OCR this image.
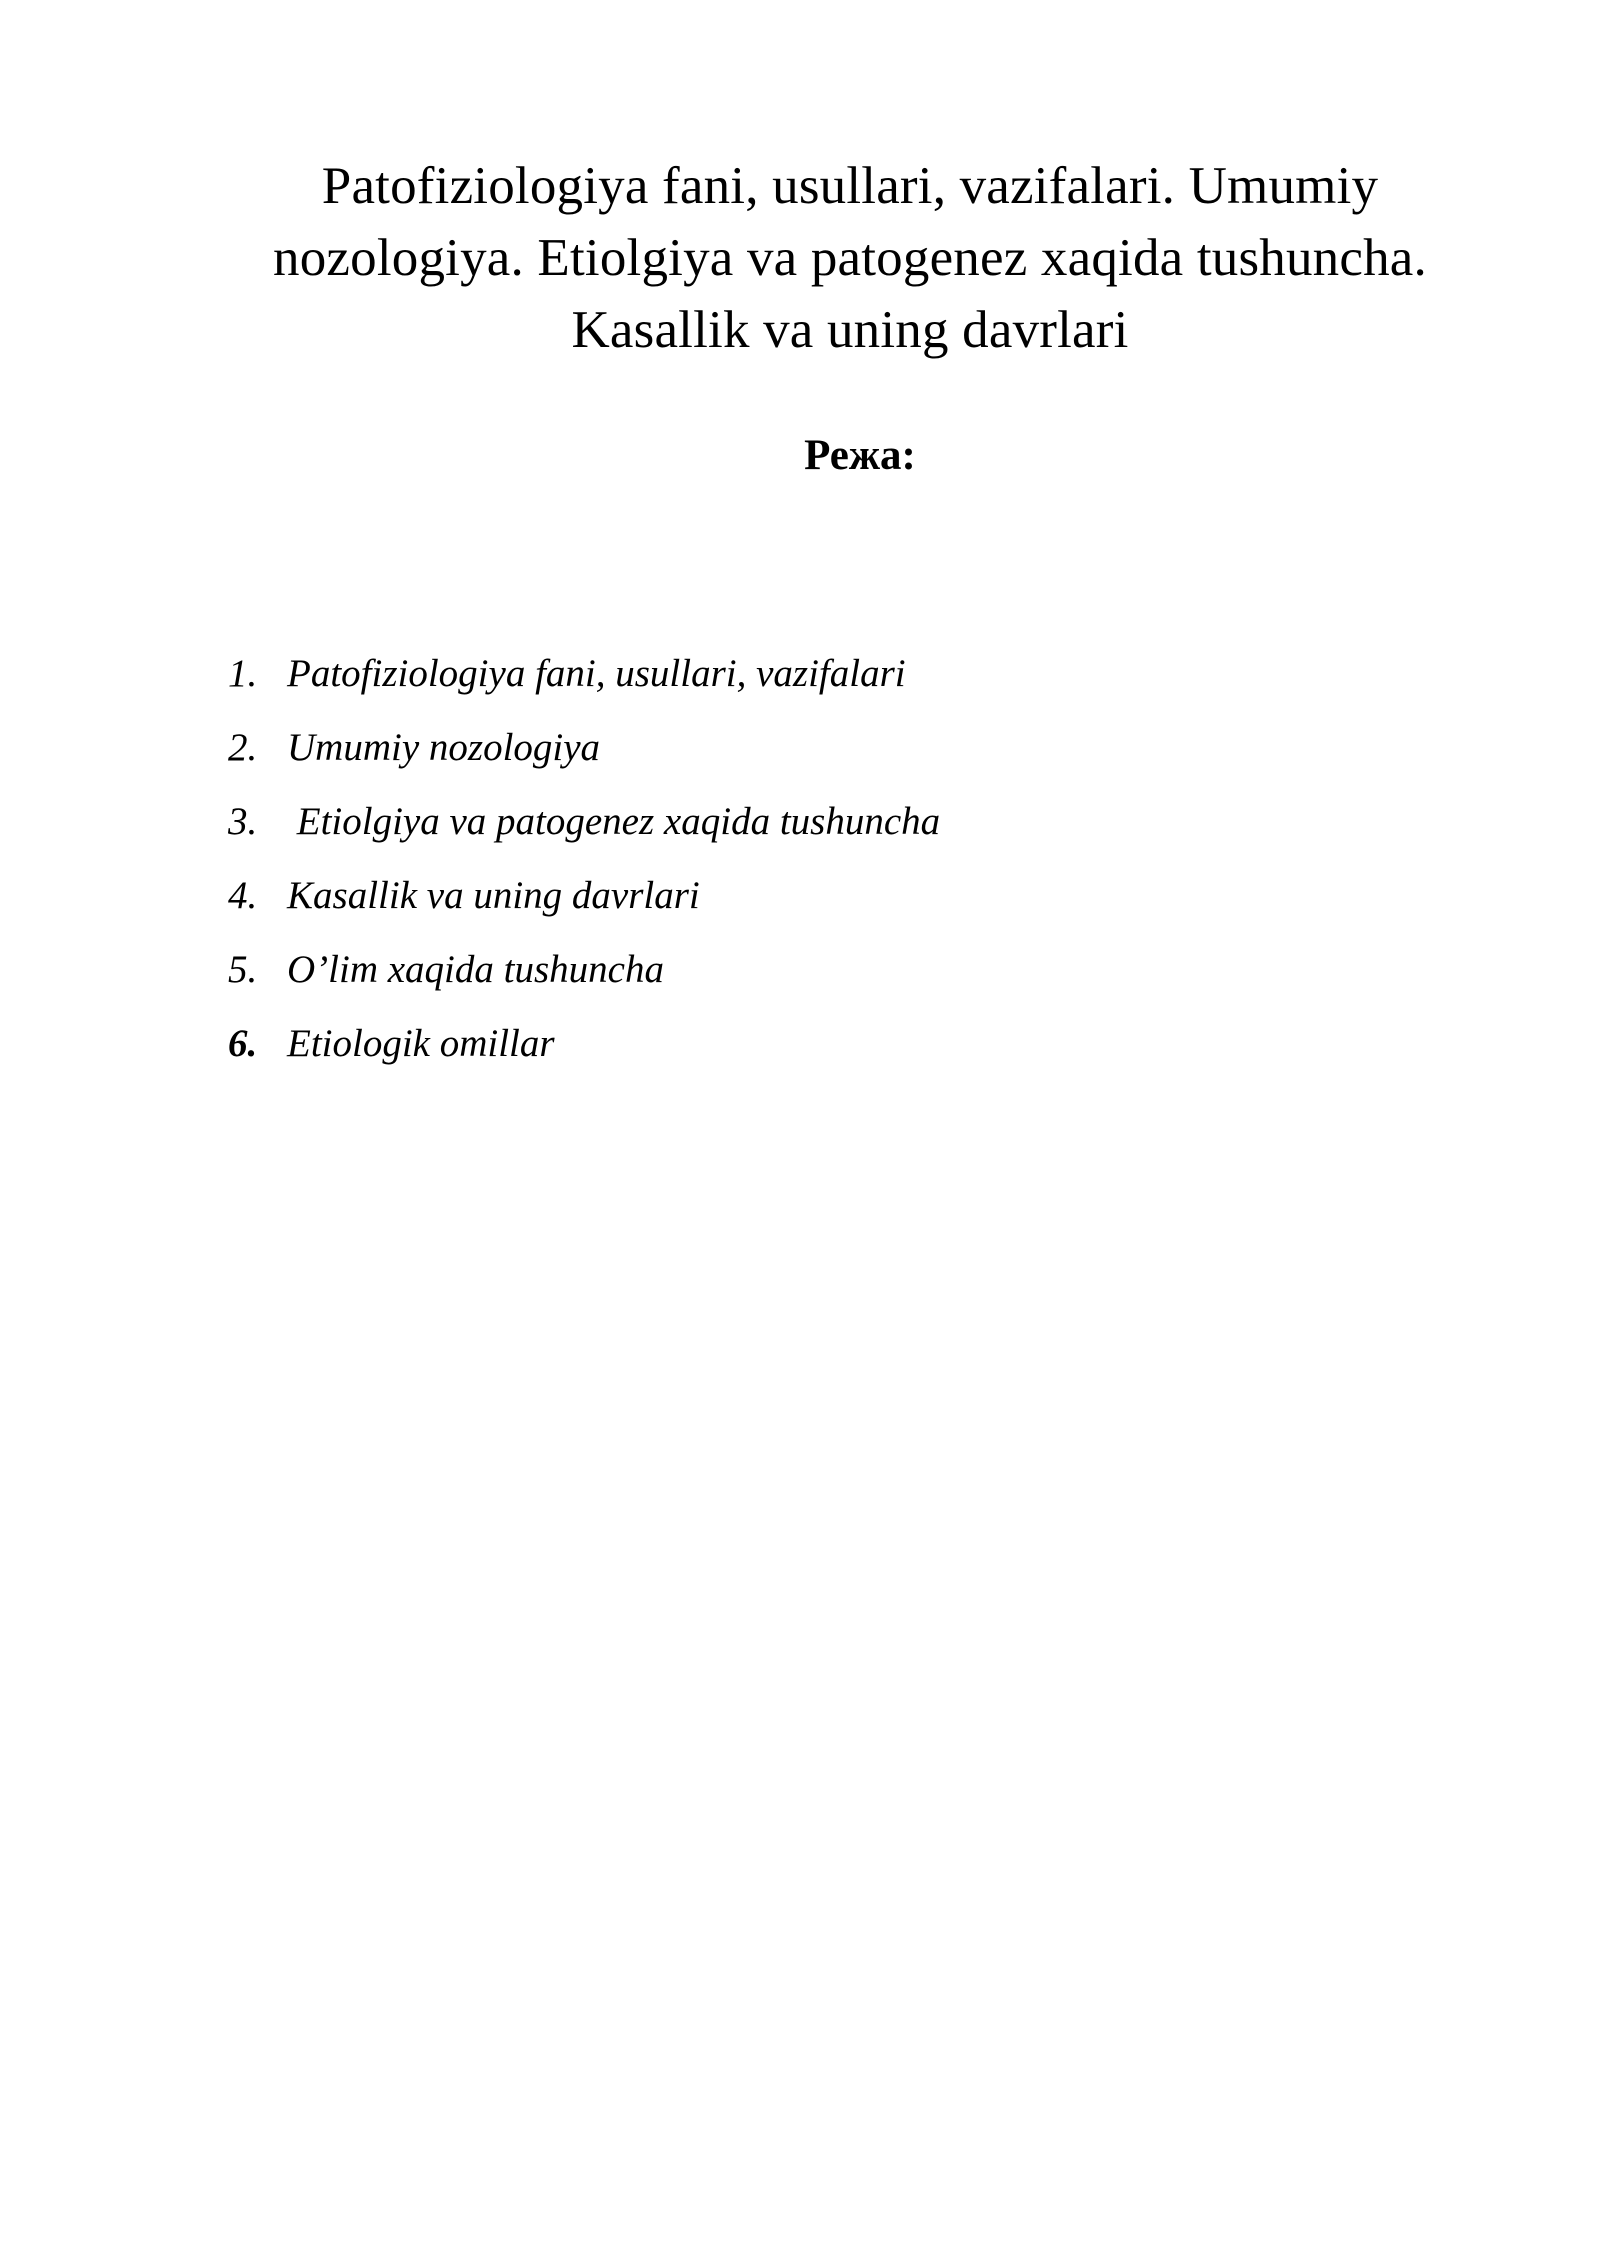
Patofiziologiya fani, usullari, vazifalari. Umumiy nozologiya. Etiolgiya va patogenez xaqida tushuncha. Kasallik va uning davrlari
Режа:
1. Patofiziologiya fani, usullari, vazifalari
2. Umumiy nozologiya
3. Etiolgiya va patogenez xaqida tushuncha
4. Kasallik va uning davrlari
5. O’lim xaqida tushuncha
6. Etiologik omillar
